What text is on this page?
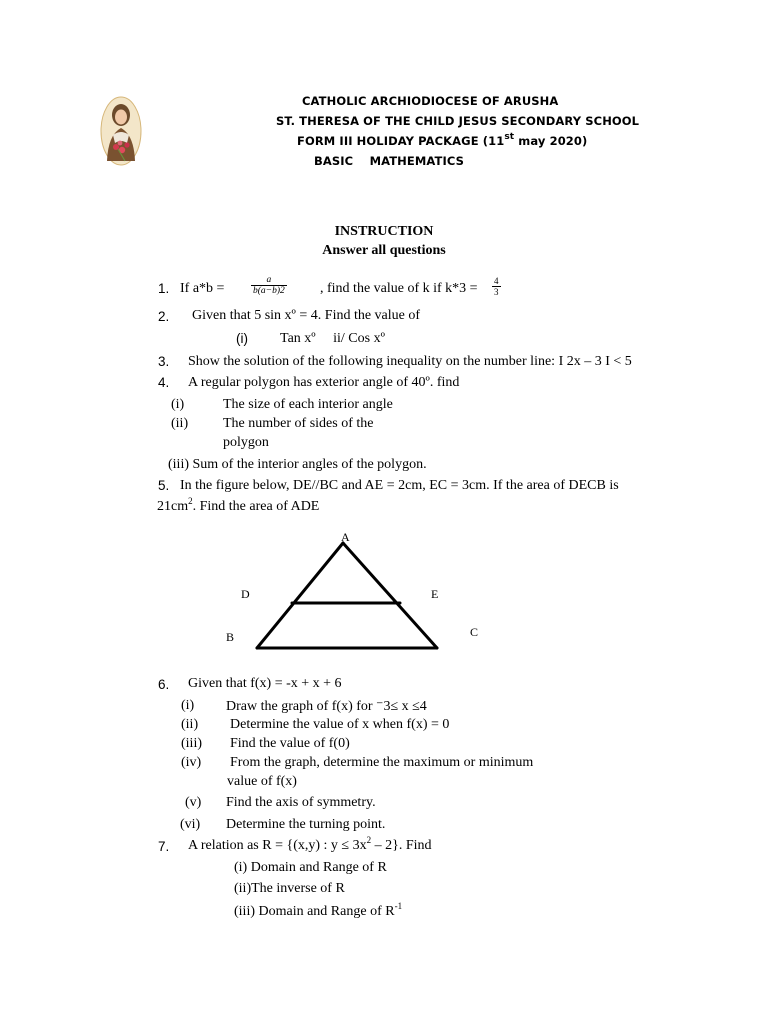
CATHOLIC ARCHIODIOCESE OF ARUSHA
ST. THERESA OF THE CHILD JESUS SECONDARY SCHOOL
FORM III HOLIDAY PACKAGE (11st may 2020)
BASIC    MATHEMATICS
INSTRUCTION
Answer all questions
1. If a*b =	$\frac{a}{b(a-b)2}$ , find the value of k if $k*3 = \frac{4}{3}$
2. Given that 5 sin xº = 4. Find the value of
(i) Tan xº     ii/ Cos xº
3. Show the solution of the following inequality on the number line: I 2x – 3 I < 5
4. A regular polygon has exterior angle of 40º. find
(i)	The size of each interior angle
(ii) The number of sides of the
polygon
(iii) Sum of the interior angles of the polygon.
5. In the figure below, DE//BC and AE = 2cm, EC = 3cm. If the area of DECB is
$21cm^2$. Find the area of ADE
A
D	E
B	C
6. Given that f(x) = -x + x + 6
(i) Draw the graph of f(x) for ⁻3≤ x ≤4
(ii) Determine the value of x when f(x) = 0
(iii) Find the value of f(0)
(iv) From the graph, determine the maximum or minimum
value of f(x)
(v) Find the axis of symmetry.
(vi) Determine the turning point.
7. A relation as R = {(x,y) : $y \le 3x^2 - 2$}. Find
(i) Domain and Range of R
(ii)The inverse of R
(iii) Domain and Range of $R^{-1}$
